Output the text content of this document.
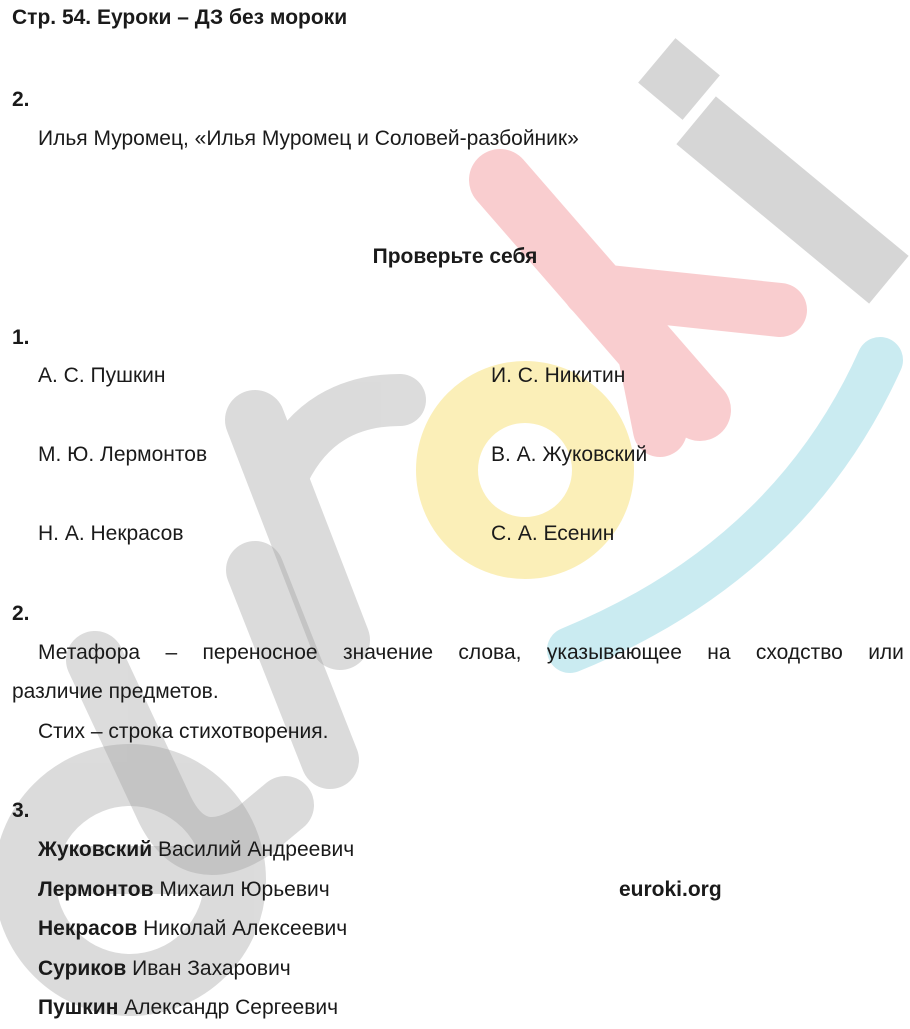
Стр. 54. Еуроки – ДЗ без мороки
2.
Илья Муромец, «Илья Муромец и Соловей-разбойник»
Проверьте себя
1.
А. С. Пушкин	И. С. Никитин
М. Ю. Лермонтов	В. А. Жуковский
Н. А. Некрасов	С. А. Есенин
2.
Метафора – переносное значение слова, указывающее на сходство или
различие предметов.
Стих – строка стихотворения.
3.
Жуковский Василий Андреевич
Лермонтов Михаил Юрьевич
Некрасов Николай Алексеевич
Суриков Иван Захарович
Пушкин Александр Сергеевич
euroki.org
